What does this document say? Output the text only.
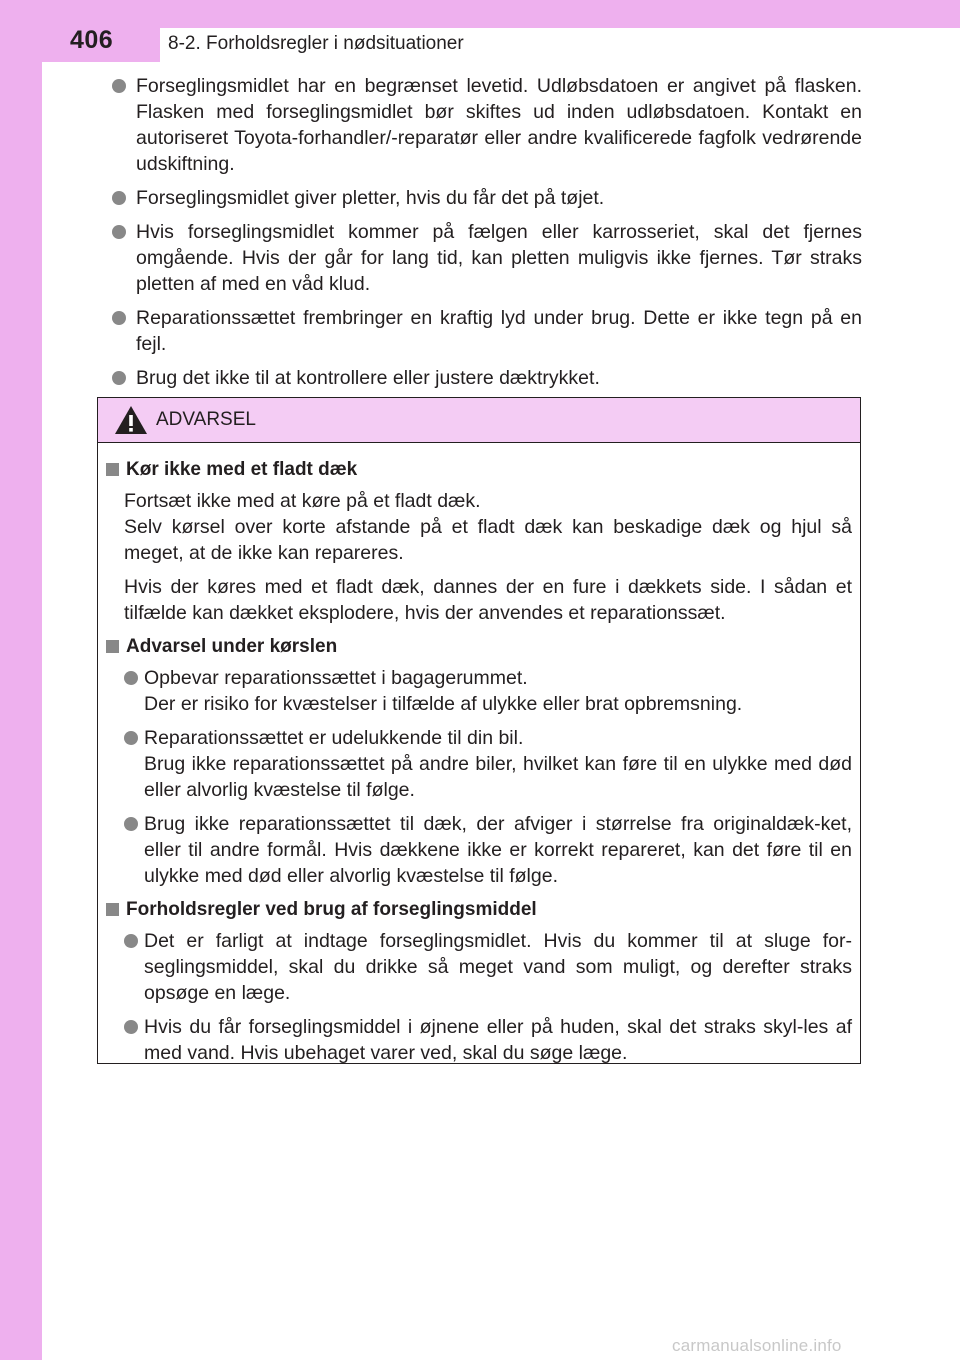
406	8-2. Forholdsregler i nødsituationer

Forseglingsmidlet har en begrænset levetid. Udløbsdatoen er angivet på flasken. Flasken med forseglingsmidlet bør skiftes ud inden udløbsdatoen. Kontakt en autoriseret Toyota-forhandler/-reparatør eller andre kvalificerede fagfolk vedrørende udskiftning.

Forseglingsmidlet giver pletter, hvis du får det på tøjet.

Hvis forseglingsmidlet kommer på fælgen eller karrosseriet, skal det fjernes omgående. Hvis der går for lang tid, kan pletten muligvis ikke fjernes. Tør straks pletten af med en våd klud.

Reparationssættet frembringer en kraftig lyd under brug. Dette er ikke tegn på en fejl.

Brug det ikke til at kontrollere eller justere dæktrykket.

ADVARSEL

Kør ikke med et fladt dæk

Fortsæt ikke med at køre på et fladt dæk.
Selv kørsel over korte afstande på et fladt dæk kan beskadige dæk og hjul så meget, at de ikke kan repareres.

Hvis der køres med et fladt dæk, dannes der en fure i dækkets side. I sådan et tilfælde kan dækket eksplodere, hvis der anvendes et reparationssæt.

Advarsel under kørslen

Opbevar reparationssættet i bagagerummet.
Der er risiko for kvæstelser i tilfælde af ulykke eller brat opbremsning.

Reparationssættet er udelukkende til din bil.
Brug ikke reparationssættet på andre biler, hvilket kan føre til en ulykke med død eller alvorlig kvæstelse til følge.

Brug ikke reparationssættet til dæk, der afviger i størrelse fra originaldæk-ket, eller til andre formål. Hvis dækkene ikke er korrekt repareret, kan det føre til en ulykke med død eller alvorlig kvæstelse til følge.

Forholdsregler ved brug af forseglingsmiddel

Det er farligt at indtage forseglingsmidlet. Hvis du kommer til at sluge for-seglingsmiddel, skal du drikke så meget vand som muligt, og derefter straks opsøge en læge.

Hvis du får forseglingsmiddel i øjnene eller på huden, skal det straks skyl-les af med vand. Hvis ubehaget varer ved, skal du søge læge.

carmanualsonline.info
